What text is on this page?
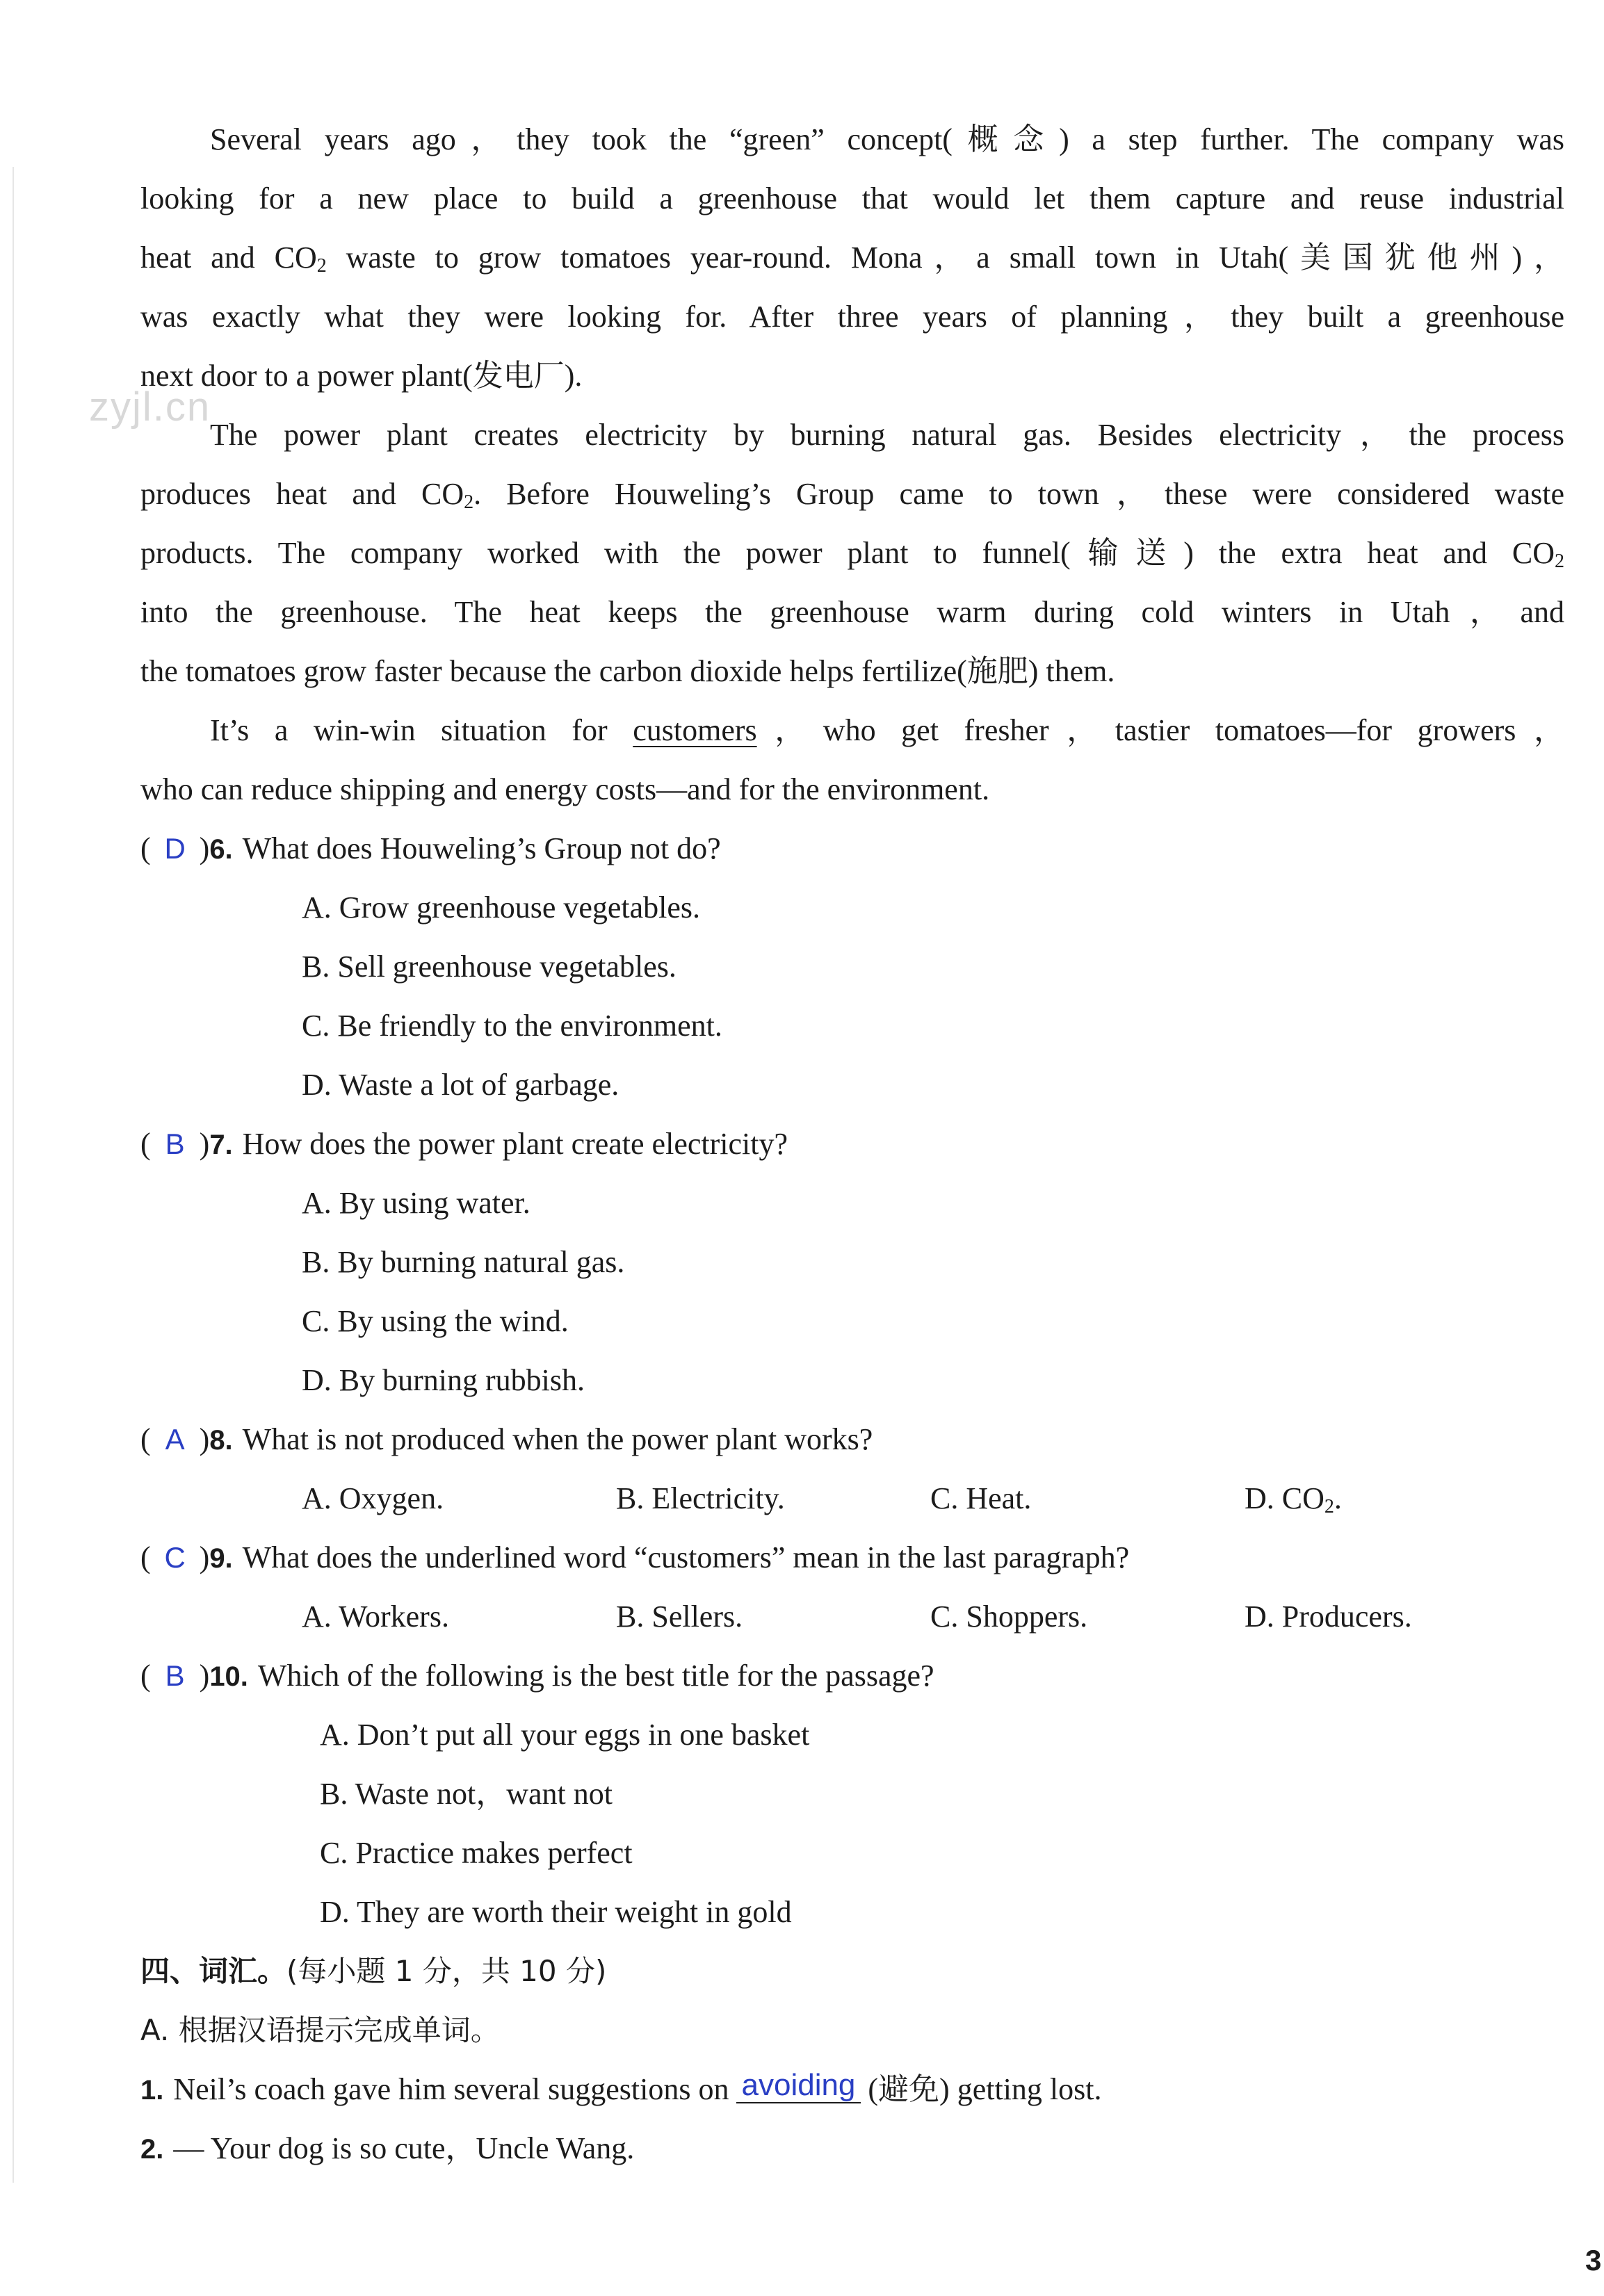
zyjl.cn
Several years ago，they took the “green” concept(概念) a step further. The company was
looking for a new place to build a greenhouse that would let them capture and reuse industrial
heat and $CO_2$ waste to grow tomatoes year-round. Mona，a small town in Utah(美国犹他州)，
was exactly what they were looking for. After three years of planning，they built a greenhouse
next door to a power plant(发电厂).
The power plant creates electricity by burning natural gas. Besides electricity，the process
produces heat and $CO_2$. Before Houweling’s Group came to town，these were considered waste
products. The company worked with the power plant to funnel(输送) the extra heat and $CO_2$
into the greenhouse. The heat keeps the greenhouse warm during cold winters in Utah，and
the tomatoes grow faster because the carbon dioxide helps fertilize(施肥) them.
It’s a win-win situation for customers，who get fresher，tastier tomatoes—for growers，
who can reduce shipping and energy costs—and for the environment.
( D )6. What does Houweling’s Group not do?
A. Grow greenhouse vegetables.
B. Sell greenhouse vegetables.
C. Be friendly to the environment.
D. Waste a lot of garbage.
( B )7. How does the power plant create electricity?
A. By using water.
B. By burning natural gas.
C. By using the wind.
D. By burning rubbish.
( A )8. What is not produced when the power plant works?
A. Oxygen.	B. Electricity.	C. Heat.	D. $CO_2$.
( C )9. What does the underlined word “customers” mean in the last paragraph?
A. Workers.	B. Sellers.	C. Shoppers.	D. Producers.
( B )10. Which of the following is the best title for the passage?
A. Don’t put all your eggs in one basket
B. Waste not，want not
C. Practice makes perfect
D. They are worth their weight in gold
四、词汇。(每小题 1 分，共 10 分)
A. 根据汉语提示完成单词。
1. Neil’s coach gave him several suggestions on avoiding (避免) getting lost.
2. — Your dog is so cute，Uncle Wang.
3
